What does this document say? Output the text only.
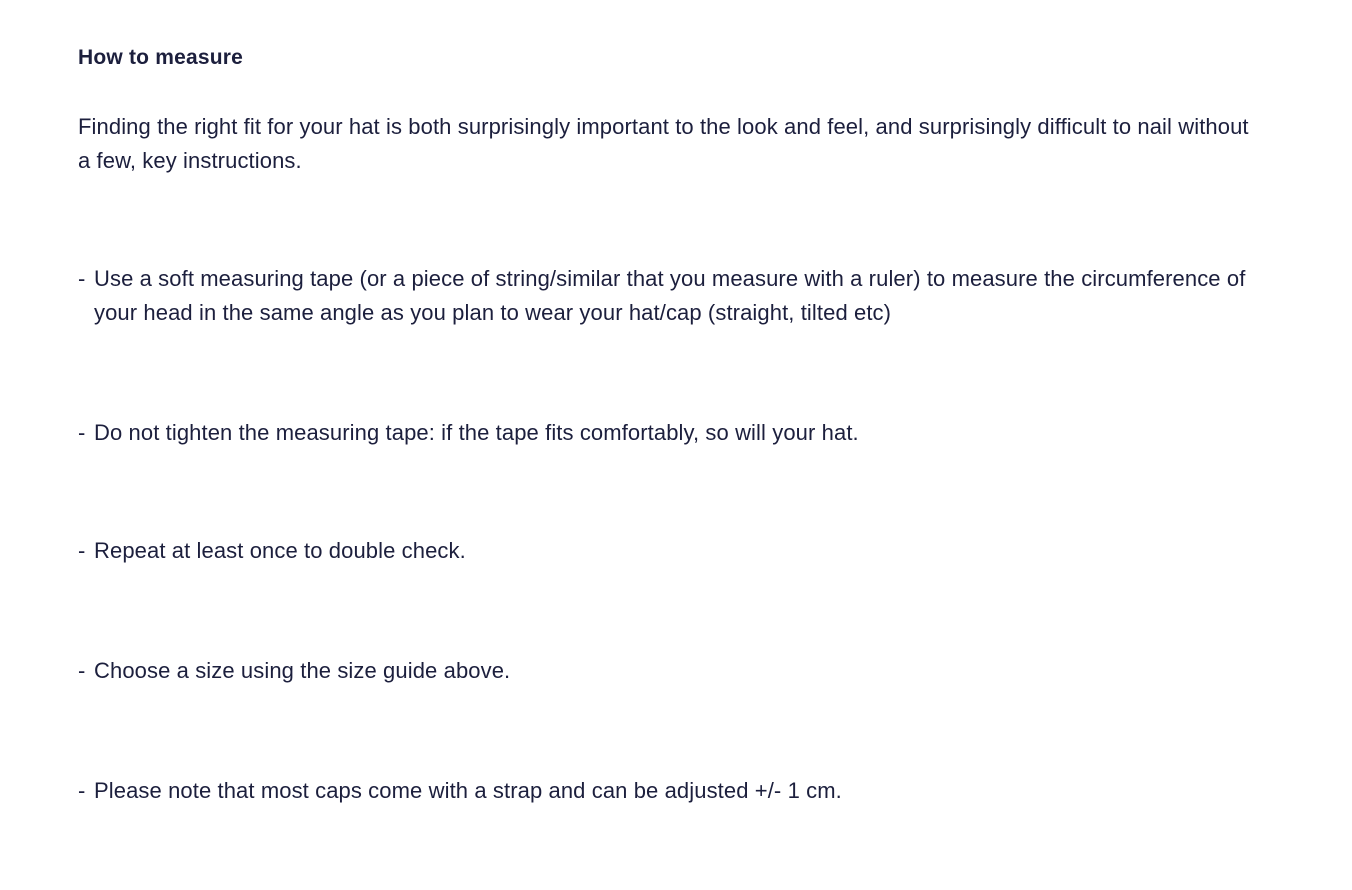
How to measure

Finding the right fit for your hat is both surprisingly important to the look and feel, and surprisingly difficult to nail without a few, key instructions.

- Use a soft measuring tape (or a piece of string/similar that you measure with a ruler) to measure the circumference of your head in the same angle as you plan to wear your hat/cap (straight, tilted etc)
- Do not tighten the measuring tape: if the tape fits comfortably, so will your hat.
- Repeat at least once to double check.
- Choose a size using the size guide above.
- Please note that most caps come with a strap and can be adjusted +/- 1 cm.
